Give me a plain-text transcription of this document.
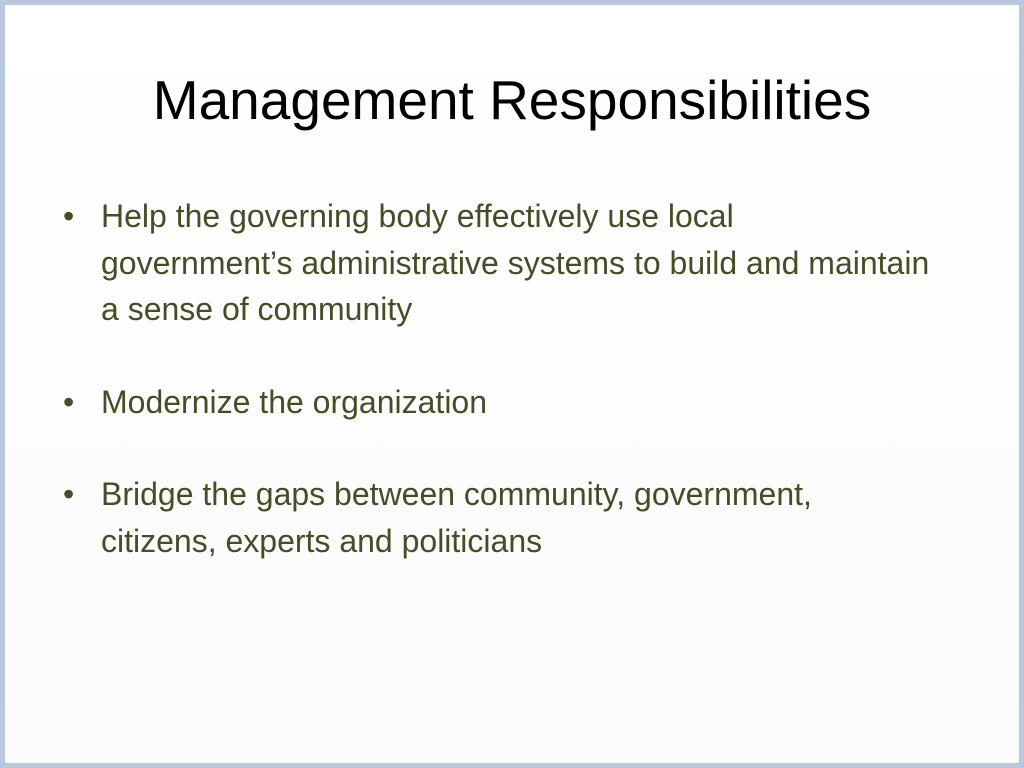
Management Responsibilities
• Help the governing body effectively use local government’s administrative systems to build and maintain a sense of community
• Modernize the organization
• Bridge the gaps between community, government, citizens, experts and politicians
